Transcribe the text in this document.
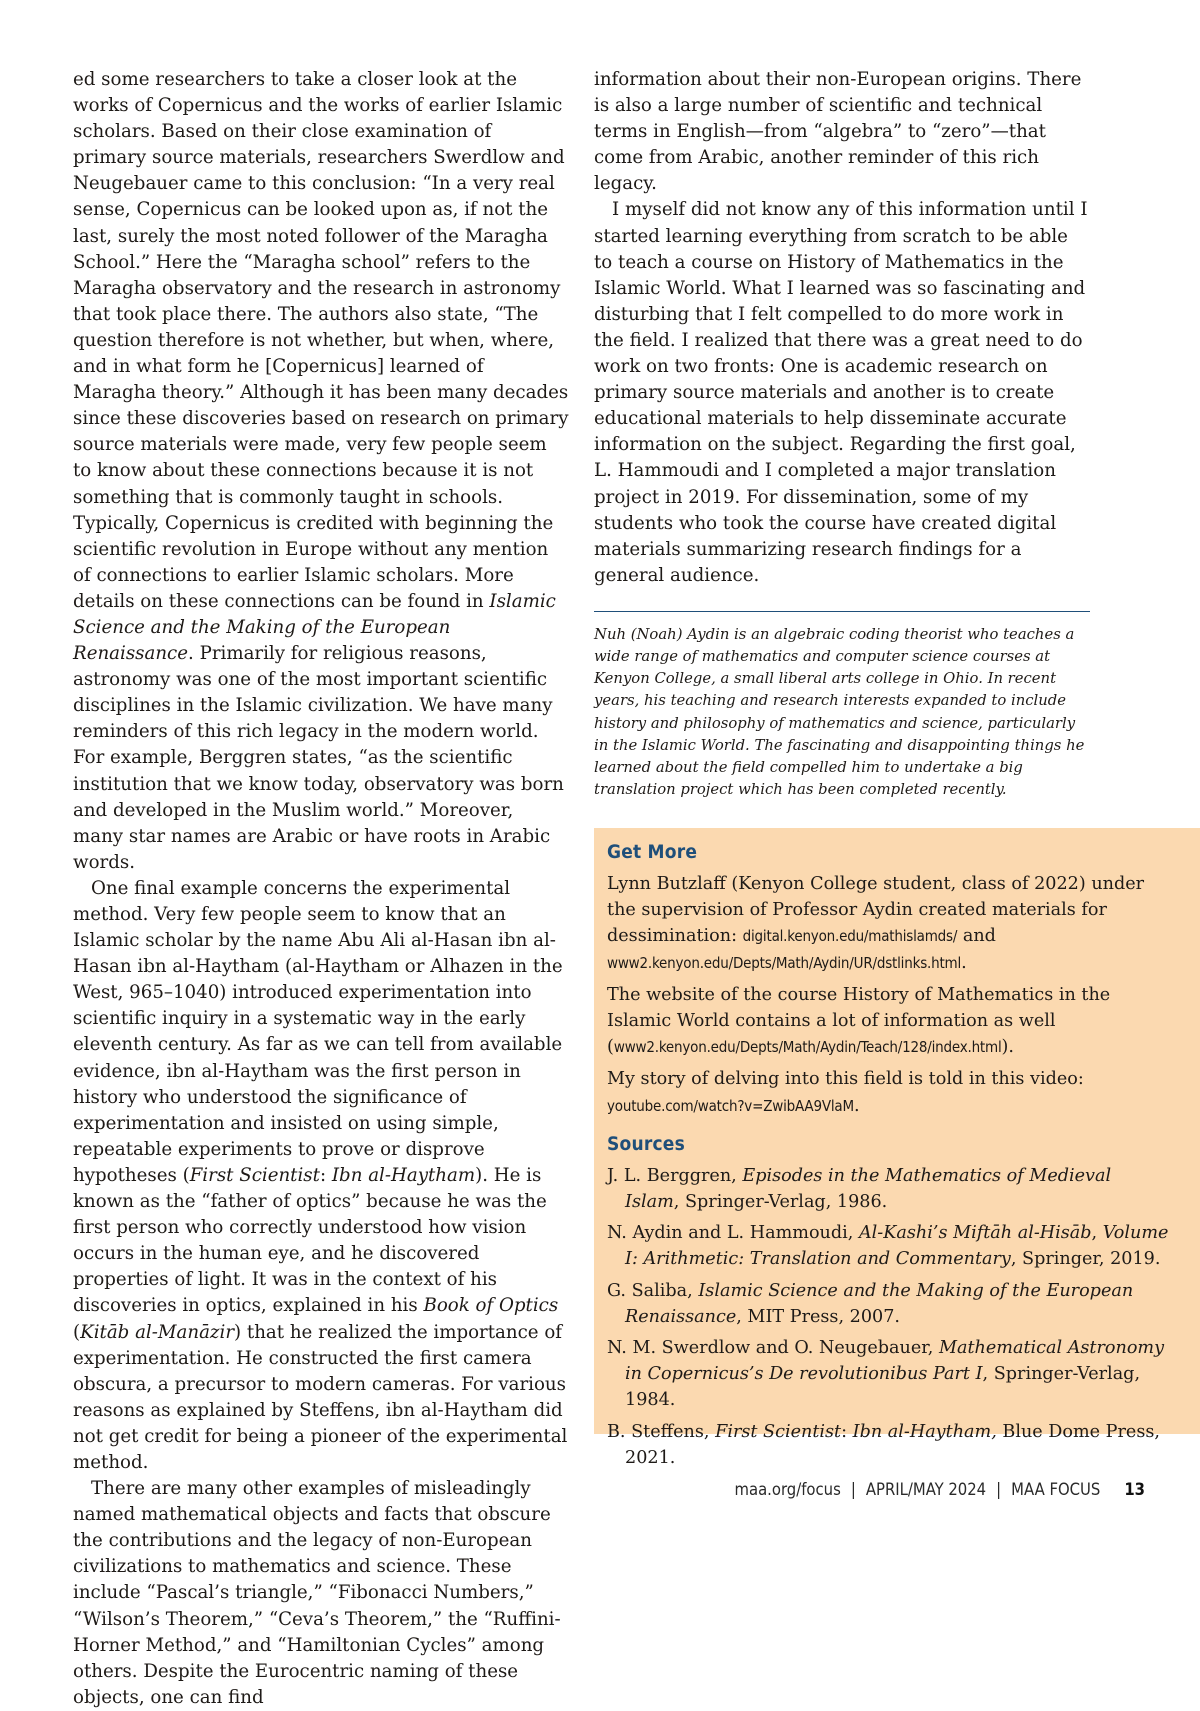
ed some researchers to take a closer look at the works of Copernicus and the works of earlier Islamic scholars. Based on their close examination of primary source materials, researchers Swerdlow and Neugebauer came to this conclusion: “In a very real sense, Copernicus can be looked upon as, if not the last, surely the most noted follower of the Maragha School.” Here the “Maragha school” refers to the Maragha observatory and the research in astronomy that took place there. The authors also state, “The question therefore is not whether, but when, where, and in what form he [Copernicus] learned of Maragha theory.” Although it has been many decades since these discoveries based on research on primary source materials were made, very few people seem to know about these connections because it is not something that is commonly taught in schools. Typically, Copernicus is credited with beginning the scientific revolution in Europe without any mention of connections to earlier Islamic scholars. More details on these connections can be found in Islamic Science and the Making of the European Renaissance. Primarily for religious reasons, astronomy was one of the most important scientific disciplines in the Islamic civilization. We have many reminders of this rich legacy in the modern world. For example, Berggren states, “as the scientific institution that we know today, observatory was born and developed in the Muslim world.” Moreover, many star names are Arabic or have roots in Arabic words.

One final example concerns the experimental method. Very few people seem to know that an Islamic scholar by the name Abu Ali al-Hasan ibn al-Hasan ibn al-Haytham (al-Haytham or Alhazen in the West, 965–1040) introduced experimentation into scientific inquiry in a systematic way in the early eleventh century. As far as we can tell from available evidence, ibn al-Haytham was the first person in history who understood the significance of experimentation and insisted on using simple, repeatable experiments to prove or disprove hypotheses (First Scientist: Ibn al-Haytham). He is known as the “father of optics” because he was the first person who correctly understood how vision occurs in the human eye, and he discovered properties of light. It was in the context of his discoveries in optics, explained in his Book of Optics (Kitāb al-Manāzir) that he realized the importance of experimentation. He constructed the first camera obscura, a precursor to modern cameras. For various reasons as explained by Steffens, ibn al-Haytham did not get credit for being a pioneer of the experimental method.

There are many other examples of misleadingly named mathematical objects and facts that obscure the contributions and the legacy of non-European civilizations to mathematics and science. These include “Pascal’s triangle,” “Fibonacci Numbers,” “Wilson’s Theorem,” “Ceva’s Theorem,” the “Ruffini-Horner Method,” and “Hamiltonian Cycles” among others. Despite the Eurocentric naming of these objects, one can find

information about their non-European origins. There is also a large number of scientific and technical terms in English—from “algebra” to “zero”—that come from Arabic, another reminder of this rich legacy.

I myself did not know any of this information until I started learning everything from scratch to be able to teach a course on History of Mathematics in the Islamic World. What I learned was so fascinating and disturbing that I felt compelled to do more work in the field. I realized that there was a great need to do work on two fronts: One is academic research on primary source materials and another is to create educational materials to help disseminate accurate information on the subject. Regarding the first goal, L. Hammoudi and I completed a major translation project in 2019. For dissemination, some of my students who took the course have created digital materials summarizing research findings for a general audience.

Nuh (Noah) Aydin is an algebraic coding theorist who teaches a wide range of mathematics and computer science courses at Kenyon College, a small liberal arts college in Ohio. In recent years, his teaching and research interests expanded to include history and philosophy of mathematics and science, particularly in the Islamic World. The fascinating and disappointing things he learned about the field compelled him to undertake a big translation project which has been completed recently.

Get More

Lynn Butzlaff (Kenyon College student, class of 2022) under the supervision of Professor Aydin created materials for dessimination: digital.kenyon.edu/mathislamds/ and www2.kenyon.edu/Depts/Math/Aydin/UR/dstlinks.html.

The website of the course History of Mathematics in the Islamic World contains a lot of information as well (www2.kenyon.edu/Depts/Math/Aydin/Teach/128/index.html).

My story of delving into this field is told in this video: youtube.com/watch?v=ZwibAA9VlaM.

Sources

J. L. Berggren, Episodes in the Mathematics of Medieval Islam, Springer-Verlag, 1986.

N. Aydin and L. Hammoudi, Al-Kashi’s Miftāh al-Hisāb, Volume I: Arithmetic: Translation and Commentary, Springer, 2019.

G. Saliba, Islamic Science and the Making of the European Renaissance, MIT Press, 2007.

N. M. Swerdlow and O. Neugebauer, Mathematical Astronomy in Copernicus’s De revolutionibus Part I, Springer-Verlag, 1984.

B. Steffens, First Scientist: Ibn al-Haytham, Blue Dome Press, 2021.

maa.org/focus | APRIL/MAY 2024 | MAA FOCUS 13
